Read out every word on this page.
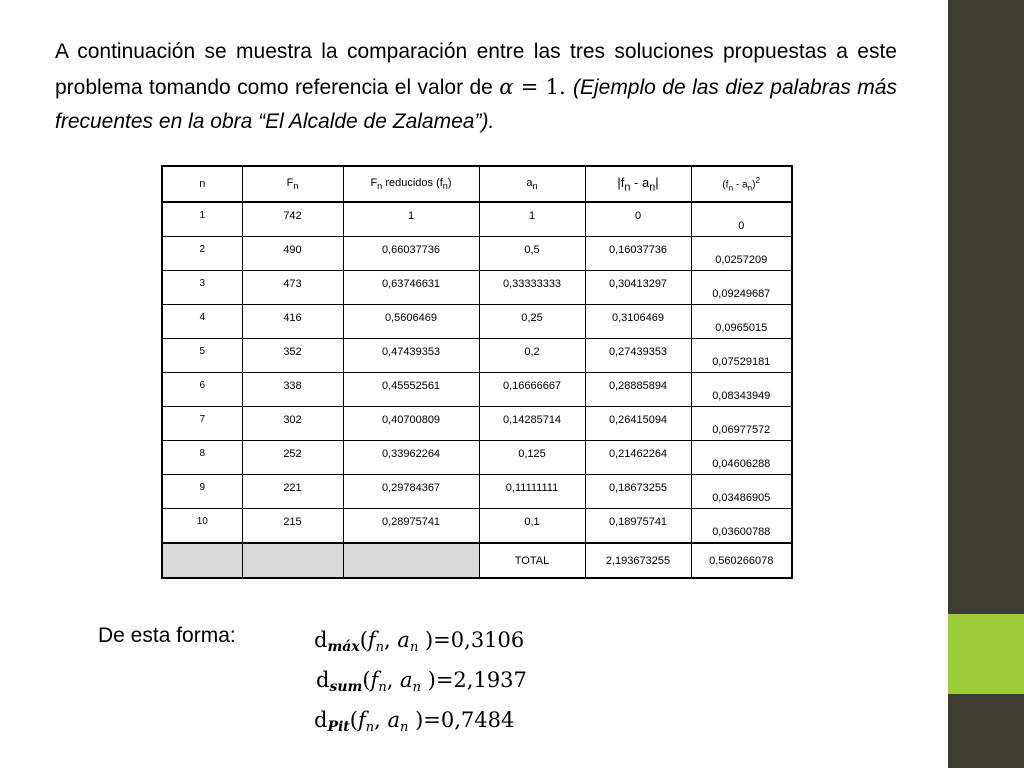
A continuación se muestra la comparación entre las tres soluciones propuestas a este problema tomando como referencia el valor de α = 1. (Ejemplo de las diez palabras más frecuentes en la obra “El Alcalde de Zalamea”).
n	$F_n$	$F_n$ reducidos $(f_n)$	$a_n$	$|f_n - a_n|$	$(f_n - a_n)^2$
1	742	1	1	0	0
2	490	0,66037736	0,5	0,16037736	0,0257209
3	473	0,63746631	0,33333333	0,30413297	0,09249687
4	416	0,5606469	0,25	0,3106469	0,0965015
5	352	0,47439353	0,2	0,27439353	0,07529181
6	338	0,45552561	0,16666667	0,28885894	0,08343949
7	302	0,40700809	0,14285714	0,26415094	0,06977572
8	252	0,33962264	0,125	0,21462264	0,04606288
9	221	0,29784367	0,11111111	0,18673255	0,03486905
10	215	0,28975741	0,1	0,18975741	0,03600788
			TOTAL	2,193673255	0,560266078
De esta forma:	$dmáx(f_n$, $a_n$ )=0,3106
$dsum(f_n$, $a_n$ )=2,1937
$dPit(f_n$, $a_n$ )=0,7484
